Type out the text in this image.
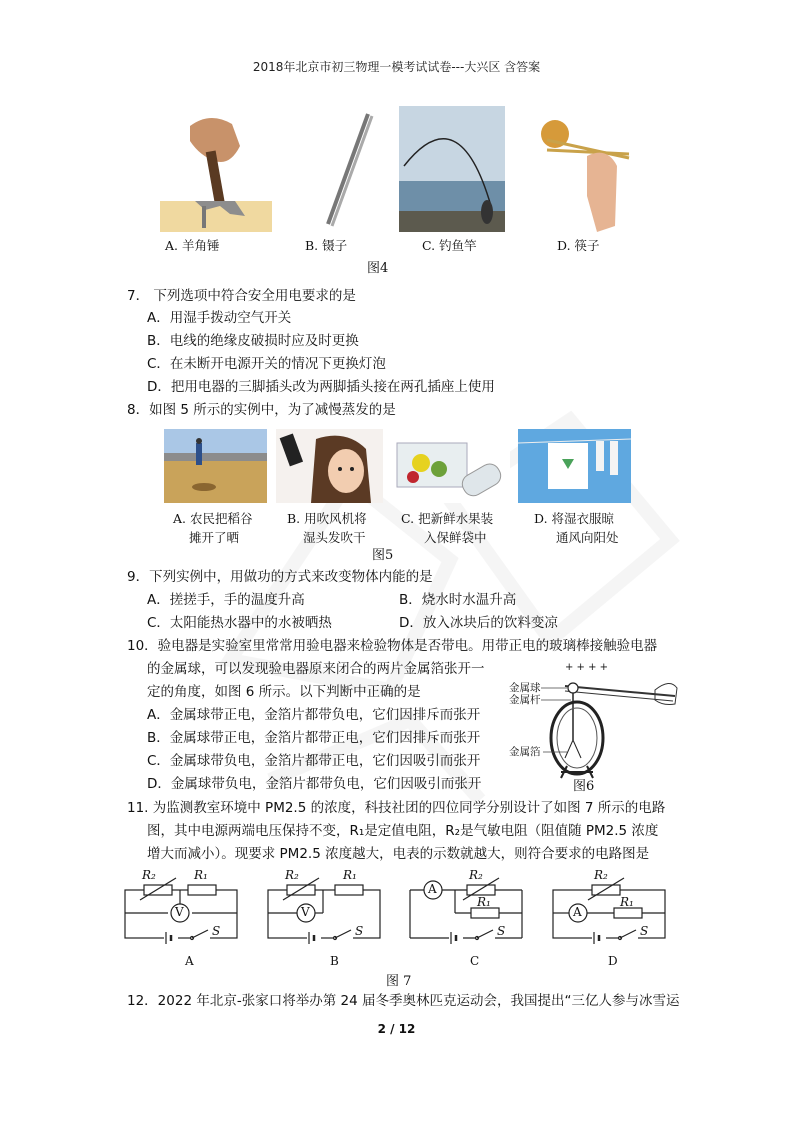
2018年北京市初三物理一模考试试卷---大兴区 含答案
A. 羊角锤	B. 镊子	C. 钓鱼竿	D. 筷子
图4
7． 下列选项中符合安全用电要求的是
A．用湿手拨动空气开关
B．电线的绝缘皮破损时应及时更换
C．在未断开电源开关的情况下更换灯泡
D．把用电器的三脚插头改为两脚插头接在两孔插座上使用
8．如图 5 所示的实例中，为了减慢蒸发的是
A. 农民把稻谷
摊开了晒
B. 用吹风机将
湿头发吹干
C. 把新鲜水果装
入保鲜袋中
D. 将湿衣服晾
通风向阳处
图5
9．下列实例中，用做功的方式来改变物体内能的是
A．搓搓手，手的温度升高	B．烧水时水温升高
C．太阳能热水器中的水被晒热	D．放入冰块后的饮料变凉
10．验电器是实验室里常常用验电器来检验物体是否带电。用带正电的玻璃棒接触验电器
的金属球，可以发现验电器原来闭合的两片金属箔张开一
定的角度，如图 6 所示。以下判断中正确的是
A．金属球带正电，金箔片都带负电，它们因排斥而张开
B．金属球带正电，金箔片都带正电，它们因排斥而张开
C．金属球带负电，金箔片都带正电，它们因吸引而张开
D．金属球带负电，金箔片都带负电，它们因吸引而张开
+ + + +
金属球
金属杆
金属箔
图6
11. 为监测教室环境中 PM2.5 的浓度，科技社团的四位同学分别设计了如图 7 所示的电路
图，其中电源两端电压保持不变，R₁是定值电阻，R₂是气敏电阻（阻值随 PM2.5 浓度
增大而减小）。现要求 PM2.5 浓度越大，电表的示数就越大，则符合要求的电路图是
R₂	R₁
V
S
A
R₂	R₁
V
S
B
A
R₂
R₁
S
C
R₂
A
R₁
S
D
图 7
12．2022 年北京-张家口将举办第 24 届冬季奥林匹克运动会，我国提出“三亿人参与冰雪运
2 / 12
